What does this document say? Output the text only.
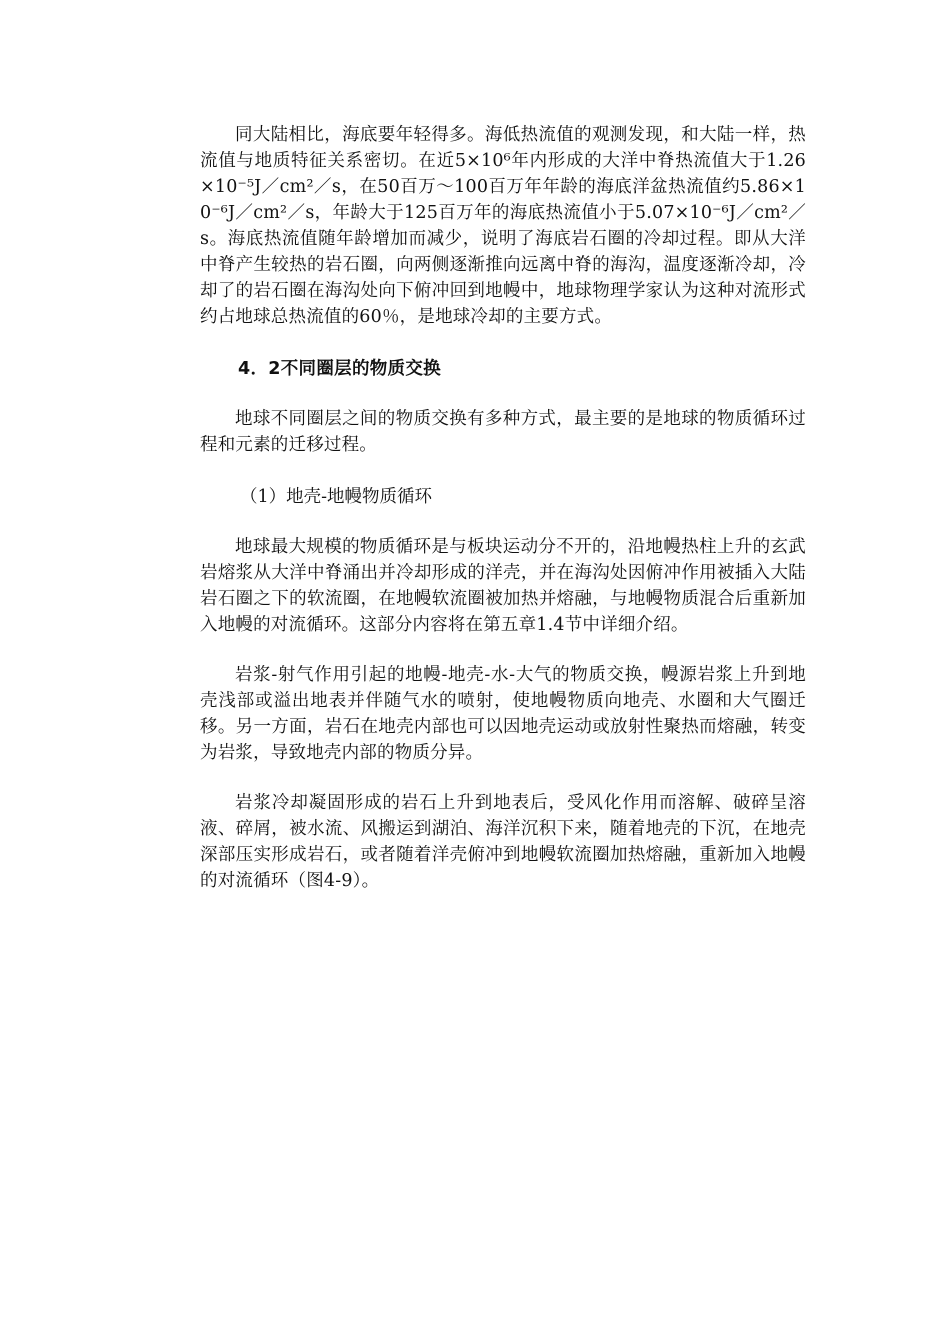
同大陆相比，海底要年轻得多。海低热流值的观测发现，和大陆一样，热流值与地质特征关系密切。在近5×10⁶年内形成的大洋中脊热流值大于1.26×10⁻⁵J／cm²／s，在50百万～100百万年年龄的海底洋盆热流值约5.86×10⁻⁶J／cm²／s，年龄大于125百万年的海底热流值小于5.07×10⁻⁶J／cm²／s。海底热流值随年龄增加而减少，说明了海底岩石圈的冷却过程。即从大洋中脊产生较热的岩石圈，向两侧逐渐推向远离中脊的海沟，温度逐渐冷却，冷却了的岩石圈在海沟处向下俯冲回到地幔中，地球物理学家认为这种对流形式约占地球总热流值的60％，是地球冷却的主要方式。

4．2不同圈层的物质交换

地球不同圈层之间的物质交换有多种方式，最主要的是地球的物质循环过程和元素的迁移过程。

（1）地壳-地幔物质循环

地球最大规模的物质循环是与板块运动分不开的，沿地幔热柱上升的玄武岩熔浆从大洋中脊涌出并冷却形成的洋壳，并在海沟处因俯冲作用被插入大陆岩石圈之下的软流圈，在地幔软流圈被加热并熔融，与地幔物质混合后重新加入地幔的对流循环。这部分内容将在第五章1.4节中详细介绍。

岩浆-射气作用引起的地幔-地壳-水-大气的物质交换，幔源岩浆上升到地壳浅部或溢出地表并伴随气水的喷射，使地幔物质向地壳、水圈和大气圈迁移。另一方面，岩石在地壳内部也可以因地壳运动或放射性聚热而熔融，转变为岩浆，导致地壳内部的物质分异。

岩浆冷却凝固形成的岩石上升到地表后，受风化作用而溶解、破碎呈溶液、碎屑，被水流、风搬运到湖泊、海洋沉积下来，随着地壳的下沉，在地壳深部压实形成岩石，或者随着洋壳俯冲到地幔软流圈加热熔融，重新加入地幔的对流循环（图4-9）。
